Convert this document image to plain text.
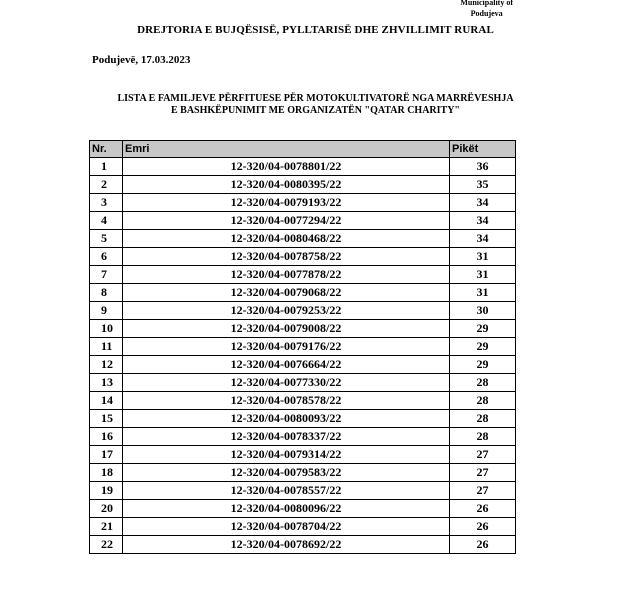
Municipality of
Podujeva
DREJTORIA E BUJQËSISË, PYLLTARISË DHE ZHVILLIMIT RURAL
Podujevë, 17.03.2023
LISTA E FAMILJEVE PËRFITUESE PËR MOTOKULTIVATORË NGA MARRËVESHJA
E BASHKËPUNIMIT ME ORGANIZATËN "QATAR CHARITY"
Nr.	Emri	Pikët
1	12-320/04-0078801/22	36
2	12-320/04-0080395/22	35
3	12-320/04-0079193/22	34
4	12-320/04-0077294/22	34
5	12-320/04-0080468/22	34
6	12-320/04-0078758/22	31
7	12-320/04-0077878/22	31
8	12-320/04-0079068/22	31
9	12-320/04-0079253/22	30
10	12-320/04-0079008/22	29
11	12-320/04-0079176/22	29
12	12-320/04-0076664/22	29
13	12-320/04-0077330/22	28
14	12-320/04-0078578/22	28
15	12-320/04-0080093/22	28
16	12-320/04-0078337/22	28
17	12-320/04-0079314/22	27
18	12-320/04-0079583/22	27
19	12-320/04-0078557/22	27
20	12-320/04-0080096/22	26
21	12-320/04-0078704/22	26
22	12-320/04-0078692/22	26
